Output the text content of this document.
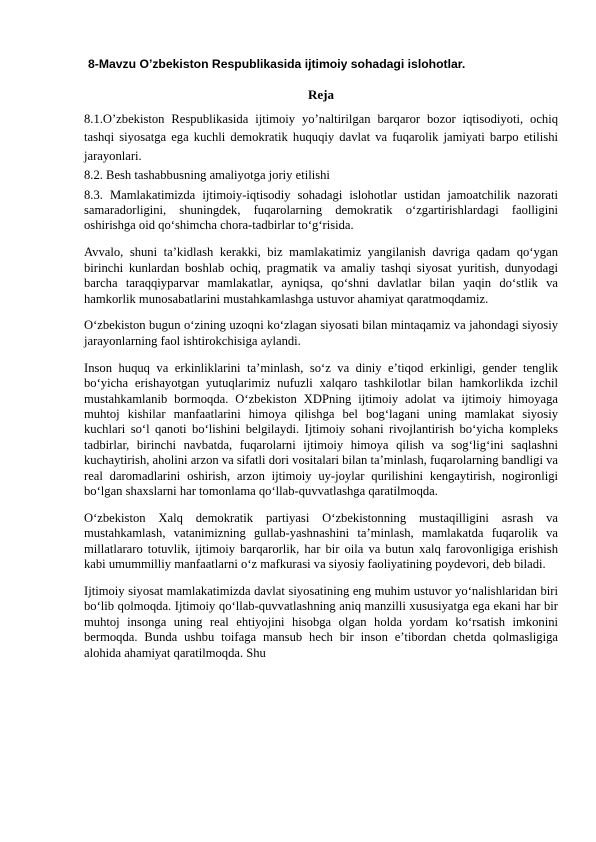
8-Mavzu O’zbekiston Respublikasida ijtimoiy sohadagi islohotlar.
Reja

8.1.O’zbekiston Respublikasida ijtimoiy yo’naltirilgan barqaror bozor iqtisodiyoti, ochiq tashqi siyosatga ega kuchli demokratik huquqiy davlat va fuqarolik jamiyati barpo etilishi jarayonlari.

8.2. Besh tashabbusning amaliyotga joriy etilishi

8.3. Mamlakatimizda ijtimoiy-iqtisodiy sohadagi islohotlar ustidan jamoatchilik nazorati samaradorligini, shuningdek, fuqarolarning demokratik o‘zgartirishlardagi faolligini oshirishga oid qo‘shimcha chora-tadbirlar to‘g‘risida.

Avvalo, shuni ta’kidlash kerakki, biz mamlakatimiz yangilanish davriga qadam qo‘ygan birinchi kunlardan boshlab ochiq, pragmatik va amaliy tashqi siyosat yuritish, dunyodagi barcha taraqqiyparvar mamlakatlar, ayniqsa, qo‘shni davlatlar bilan yaqin do‘stlik va hamkorlik munosabatlarini mustahkamlashga ustuvor ahamiyat qaratmoqdamiz.

O‘zbekiston bugun o‘zining uzoqni ko‘zlagan siyosati bilan mintaqamiz va jahondagi siyosiy jarayonlarning faol ishtirokchisiga aylandi.

Inson huquq va erkinliklarini ta’minlash, so‘z va diniy e’tiqod erkinligi, gender tenglik bo‘yicha erishayotgan yutuqlarimiz nufuzli xalqaro tashkilotlar bilan hamkorlikda izchil mustahkamlanib bormoqda. O‘zbekiston XDPning ijtimoiy adolat va ijtimoiy himoyaga muhtoj kishilar manfaatlarini himoya qilishga bel bog‘lagani uning mamlakat siyosiy kuchlari so‘l qanoti bo‘lishini belgilaydi. Ijtimoiy sohani rivojlantirish bo‘yicha kompleks tadbirlar, birinchi navbatda, fuqarolarni ijtimoiy himoya qilish va sog‘lig‘ini saqlashni kuchaytirish, aholini arzon va sifatli dori vositalari bilan ta’minlash, fuqarolarning bandligi va real daromadlarini oshirish, arzon ijtimoiy uy-joylar qurilishini kengaytirish, nogironligi bo‘lgan shaxslarni har tomonlama qo‘llab-quvvatlashga qaratilmoqda.

O‘zbekiston Xalq demokratik partiyasi O‘zbekistonning mustaqilligini asrash va mustahkamlash, vatanimizning gullab-yashnashini ta’minlash, mamlakatda fuqarolik va millatlararo totuvlik, ijtimoiy barqarorlik, har bir oila va butun xalq farovonligiga erishish kabi umummilliy manfaatlarni o‘z mafkurasi va siyosiy faoliyatining poydevori, deb biladi.

Ijtimoiy siyosat mamlakatimizda davlat siyosatining eng muhim ustuvor yo‘nalishlaridan biri bo‘lib qolmoqda. Ijtimoiy qo‘llab-quvvatlashning aniq manzilli xususiyatga ega ekani har bir muhtoj insonga uning real ehtiyojini hisobga olgan holda yordam ko‘rsatish imkonini bermoqda. Bunda ushbu toifaga mansub hech bir inson e’tibordan chetda qolmasligiga alohida ahamiyat qaratilmoqda. Shu
